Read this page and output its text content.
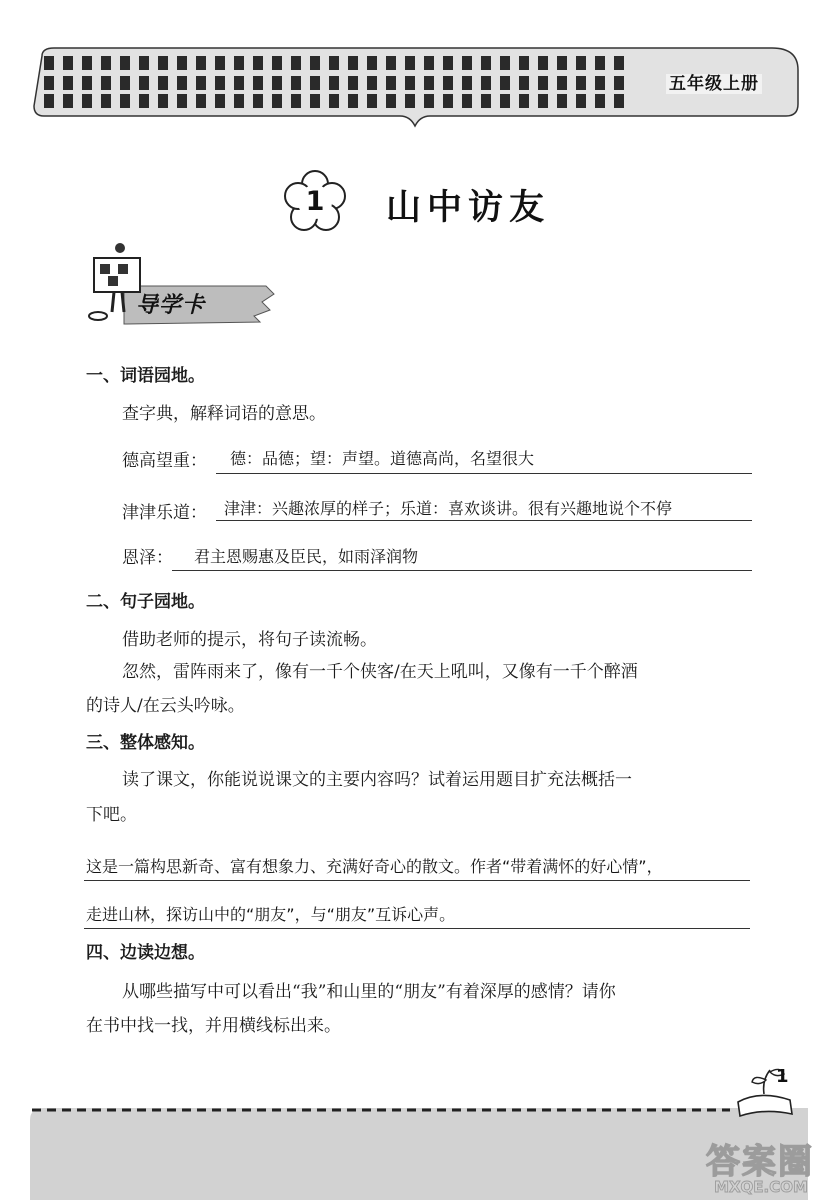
五年级上册
1	山中访友
导学卡
一、词语园地。
查字典，解释词语的意思。
德高望重： 德：品德；望：声望。道德高尚，名望很大
津津乐道： 津津：兴趣浓厚的样子；乐道：喜欢谈讲。很有兴趣地说个不停
恩泽： 君主恩赐惠及臣民，如雨泽润物
二、句子园地。
借助老师的提示，将句子读流畅。
忽然，雷阵雨来了，像有一千个侠客/在天上吼叫，又像有一千个醉酒
的诗人/在云头吟咏。
三、整体感知。
读了课文，你能说说课文的主要内容吗？试着运用题目扩充法概括一
下吧。
这是一篇构思新奇、富有想象力、充满好奇心的散文。作者“带着满怀的好心情”，
走进山林，探访山中的“朋友”，与“朋友”互诉心声。
四、边读边想。
从哪些描写中可以看出“我”和山里的“朋友”有着深厚的感情？请你
在书中找一找，并用横线标出来。
1
答案圈
MXQE.COM
